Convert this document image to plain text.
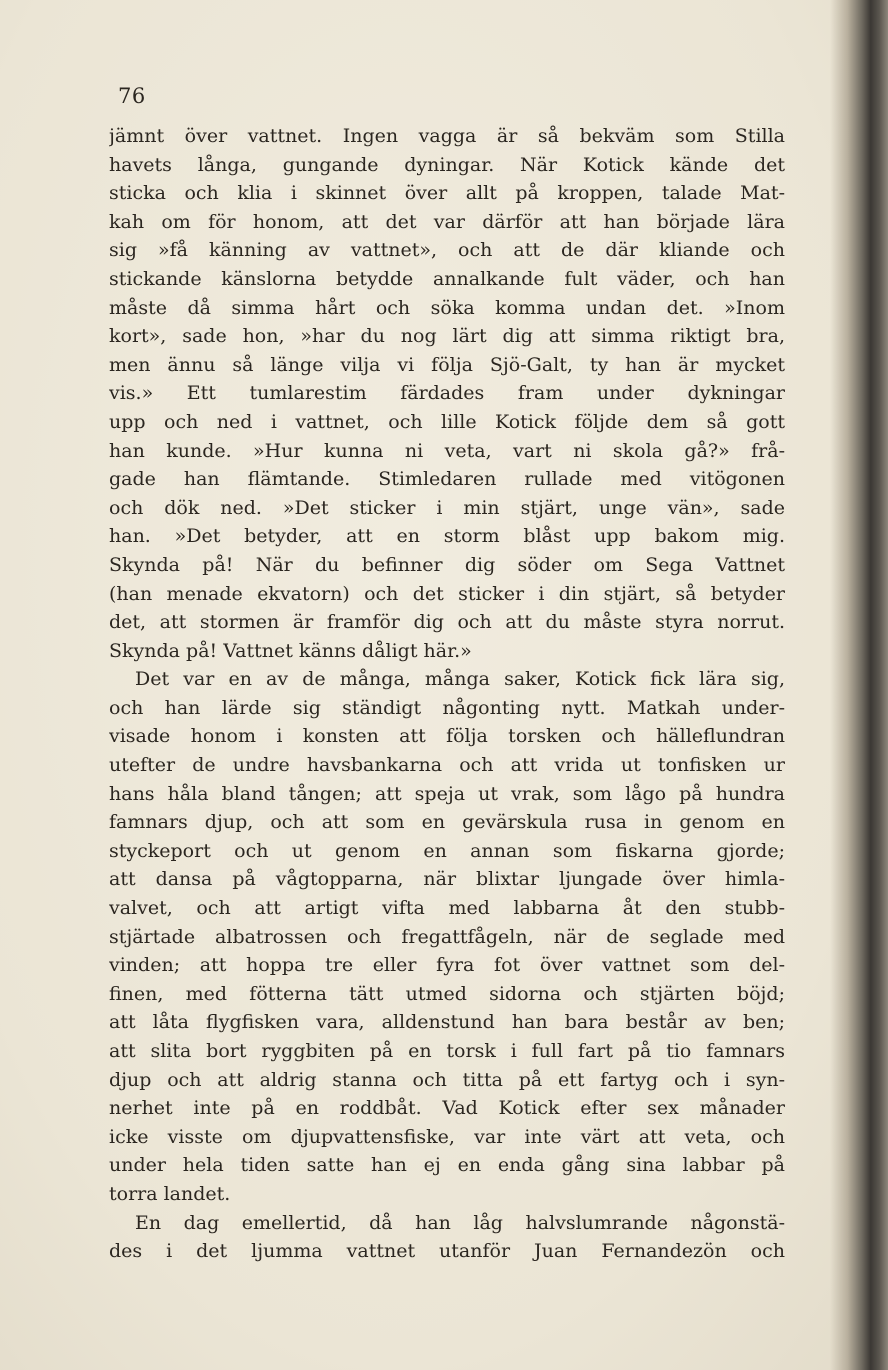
76
jämnt över vattnet. Ingen vagga är så bekväm som Stilla
havets långa, gungande dyningar. När Kotick kände det
sticka och klia i skinnet över allt på kroppen, talade Mat-
kah om för honom, att det var därför att han började lära
sig »få känning av vattnet», och att de där kliande och
stickande känslorna betydde annalkande fult väder, och han
måste då simma hårt och söka komma undan det. »Inom
kort», sade hon, »har du nog lärt dig att simma riktigt bra,
men ännu så länge vilja vi följa Sjö-Galt, ty han är mycket
vis.» Ett tumlarestim färdades fram under dykningar
upp och ned i vattnet, och lille Kotick följde dem så gott
han kunde. »Hur kunna ni veta, vart ni skola gå?» frå-
gade han flämtande. Stimledaren rullade med vitögonen
och dök ned. »Det sticker i min stjärt, unge vän», sade
han. »Det betyder, att en storm blåst upp bakom mig.
Skynda på! När du befinner dig söder om Sega Vattnet
(han menade ekvatorn) och det sticker i din stjärt, så betyder
det, att stormen är framför dig och att du måste styra norrut.
Skynda på! Vattnet känns dåligt här.»
Det var en av de många, många saker, Kotick fick lära sig,
och han lärde sig ständigt någonting nytt. Matkah under-
visade honom i konsten att följa torsken och hälleflundran
utefter de undre havsbankarna och att vrida ut tonfisken ur
hans håla bland tången; att speja ut vrak, som lågo på hundra
famnars djup, och att som en gevärskula rusa in genom en
styckeport och ut genom en annan som fiskarna gjorde;
att dansa på vågtopparna, när blixtar ljungade över himla-
valvet, och att artigt vifta med labbarna åt den stubb-
stjärtade albatrossen och fregattfågeln, när de seglade med
vinden; att hoppa tre eller fyra fot över vattnet som del-
finen, med fötterna tätt utmed sidorna och stjärten böjd;
att låta flygfisken vara, alldenstund han bara består av ben;
att slita bort ryggbiten på en torsk i full fart på tio famnars
djup och att aldrig stanna och titta på ett fartyg och i syn-
nerhet inte på en roddbåt. Vad Kotick efter sex månader
icke visste om djupvattensfiske, var inte värt att veta, och
under hela tiden satte han ej en enda gång sina labbar på
torra landet.
En dag emellertid, då han låg halvslumrande någonstä-
des i det ljumma vattnet utanför Juan Fernandezön och
